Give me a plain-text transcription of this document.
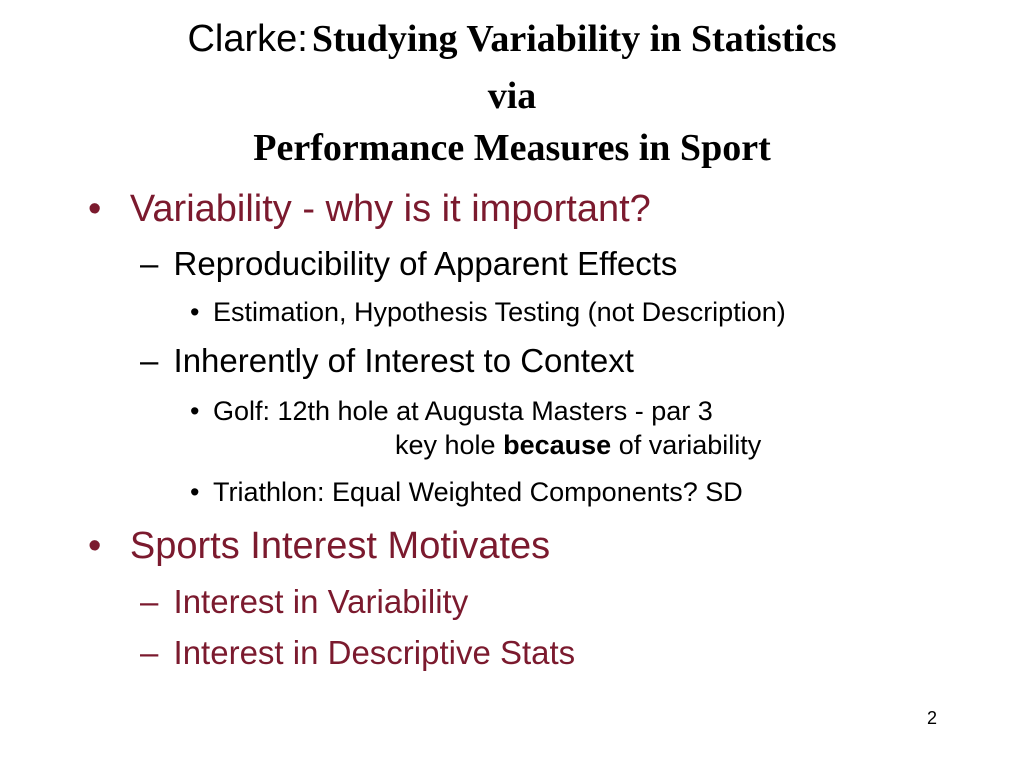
Clarke: Studying Variability in Statistics
via
Performance Measures in Sport
• Variability - why is it important?
– Reproducibility of Apparent Effects
• Estimation, Hypothesis Testing (not Description)
– Inherently of Interest to Context
• Golf: 12th hole at Augusta Masters - par 3
key hole because of variability
• Triathlon: Equal Weighted Components? SD
• Sports Interest Motivates
– Interest in Variability
– Interest in Descriptive Stats
2
